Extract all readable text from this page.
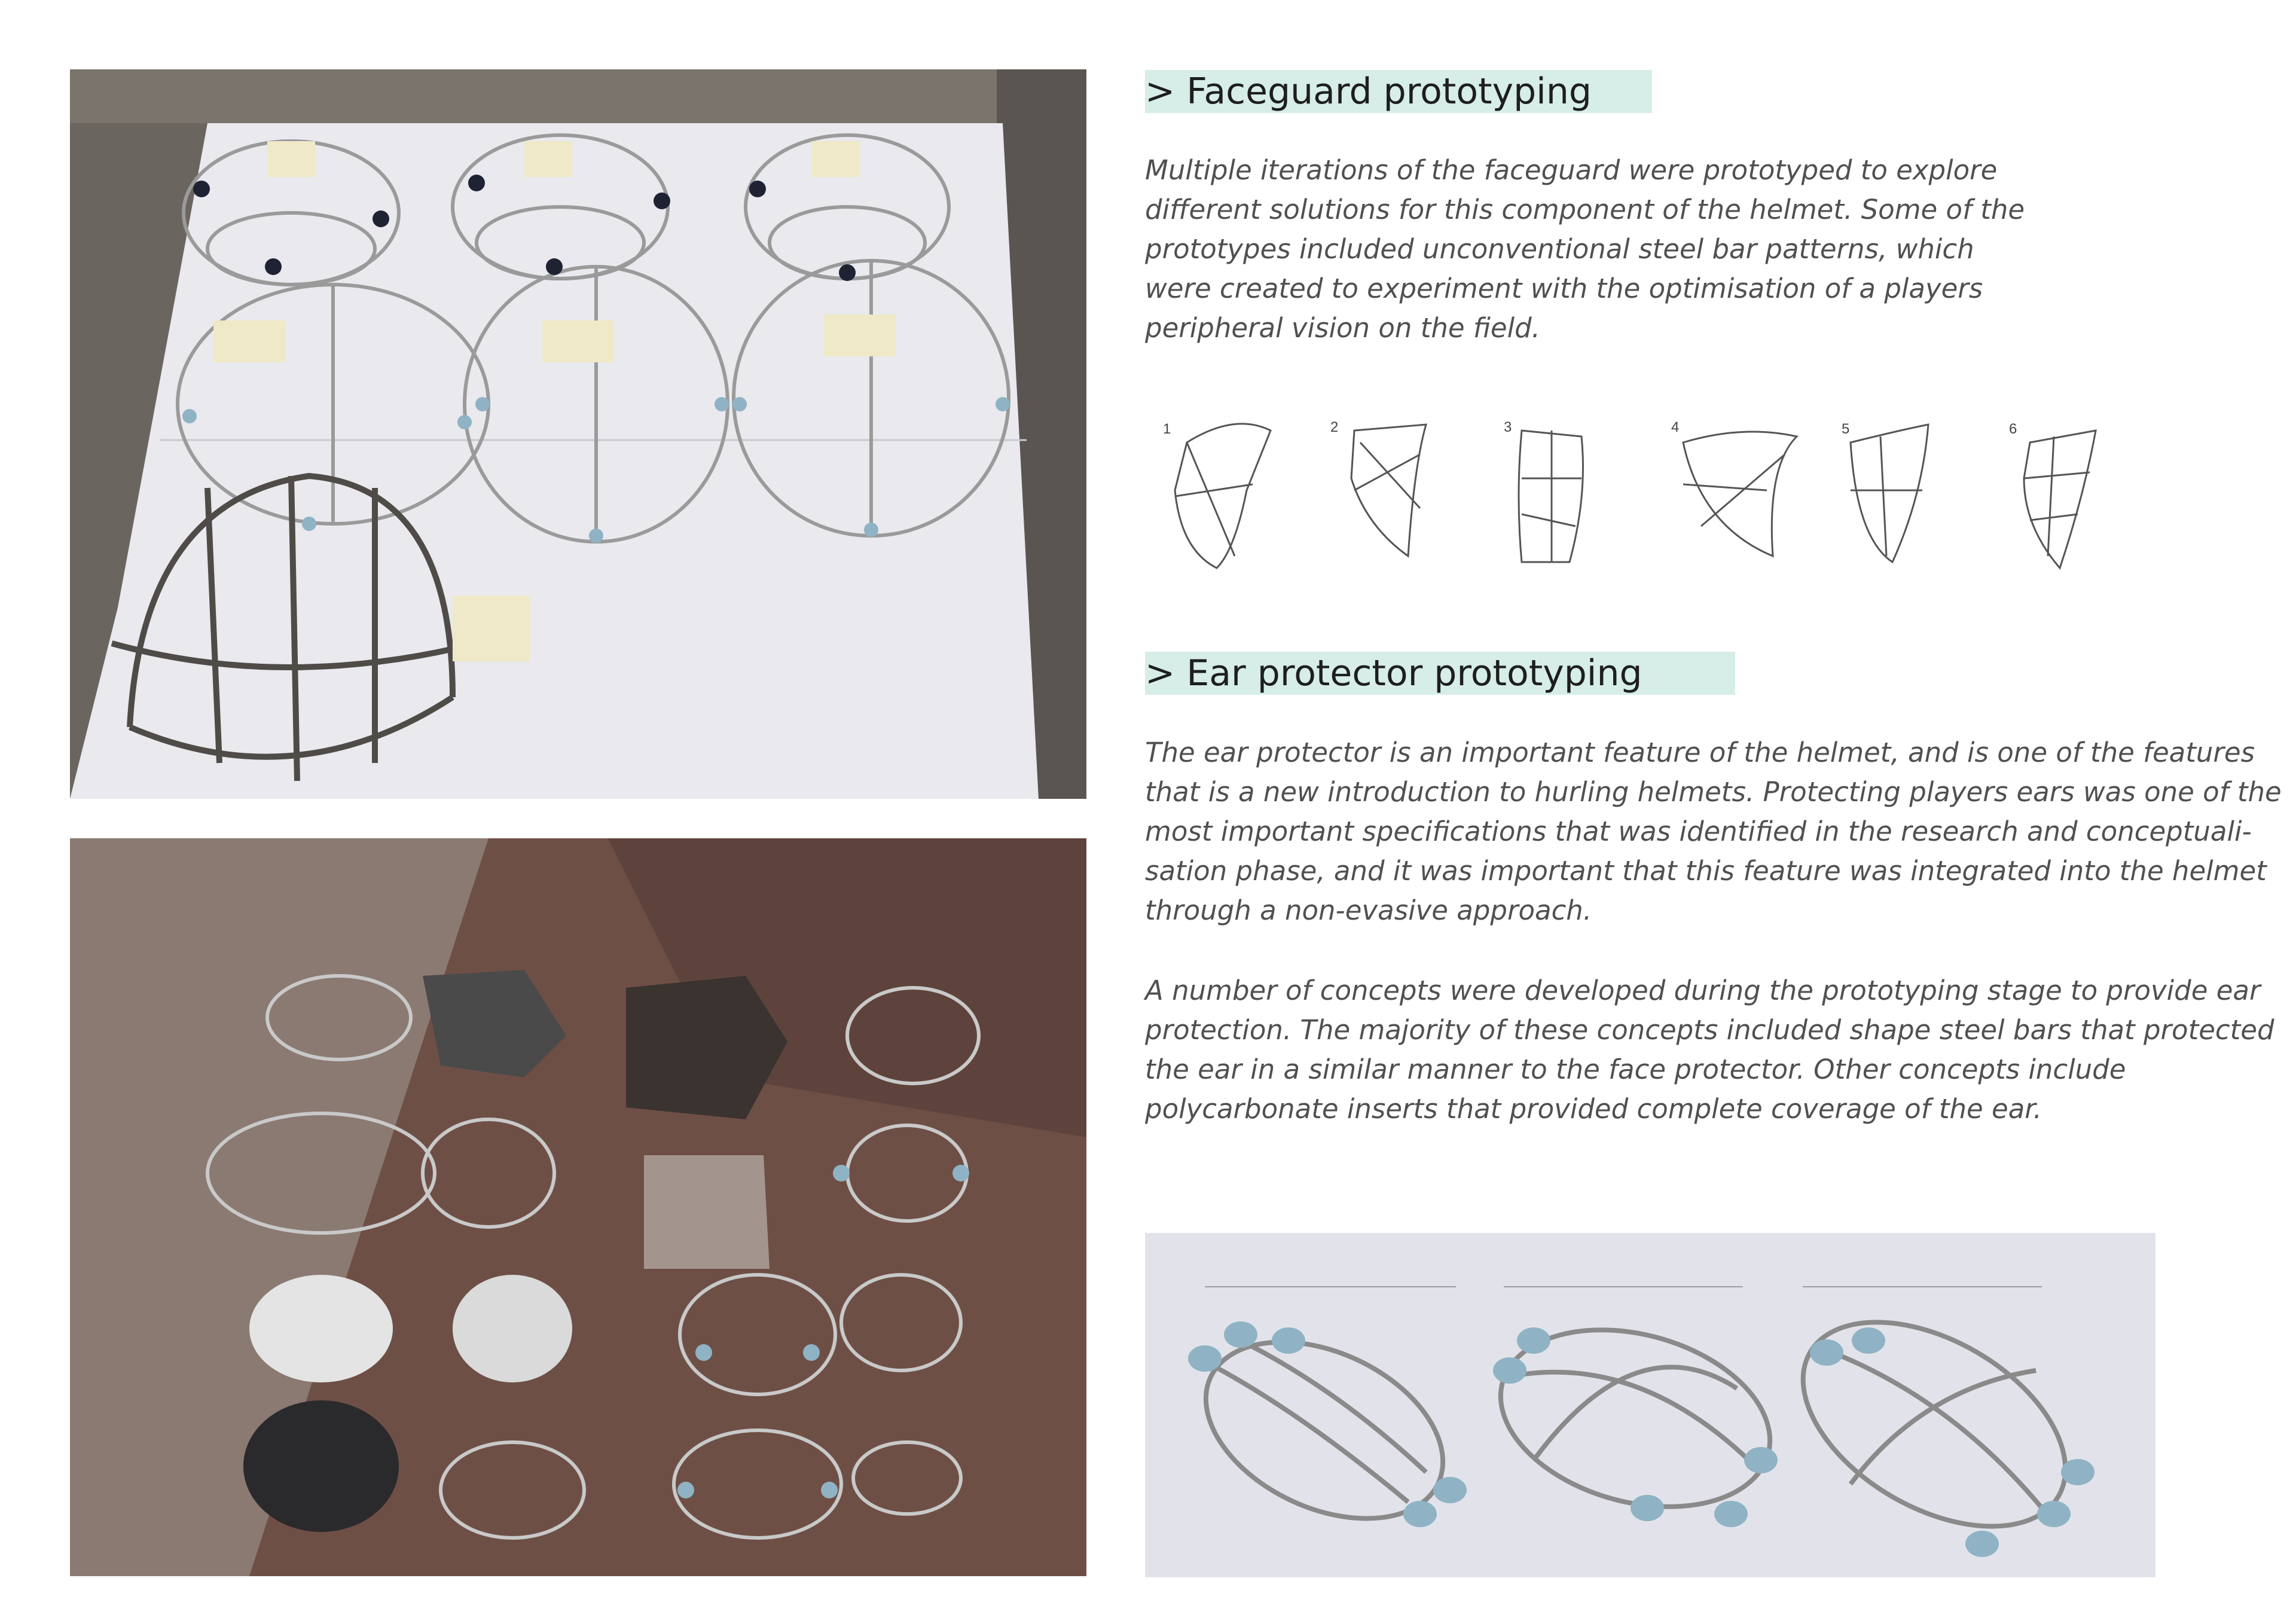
> Faceguard prototyping
Multiple iterations of the faceguard were prototyped to explore
different solutions for this component of the helmet. Some of the
prototypes included unconventional steel bar patterns, which
were created to experiment with the optimisation of a players
peripheral vision on the field.
1	2	3	4	5	6
> Ear protector prototyping
The ear protector is an important feature of the helmet, and is one of the features
that is a new introduction to hurling helmets. Protecting players ears was one of the
most important specifications that was identified in the research and conceptuali-
sation phase, and it was important that this feature was integrated into the helmet
through a non-evasive approach.
A number of concepts were developed during the prototyping stage to provide ear
protection. The majority of these concepts included shape steel bars that protected
the ear in a similar manner to the face protector. Other concepts include
polycarbonate inserts that provided complete coverage of the ear.
